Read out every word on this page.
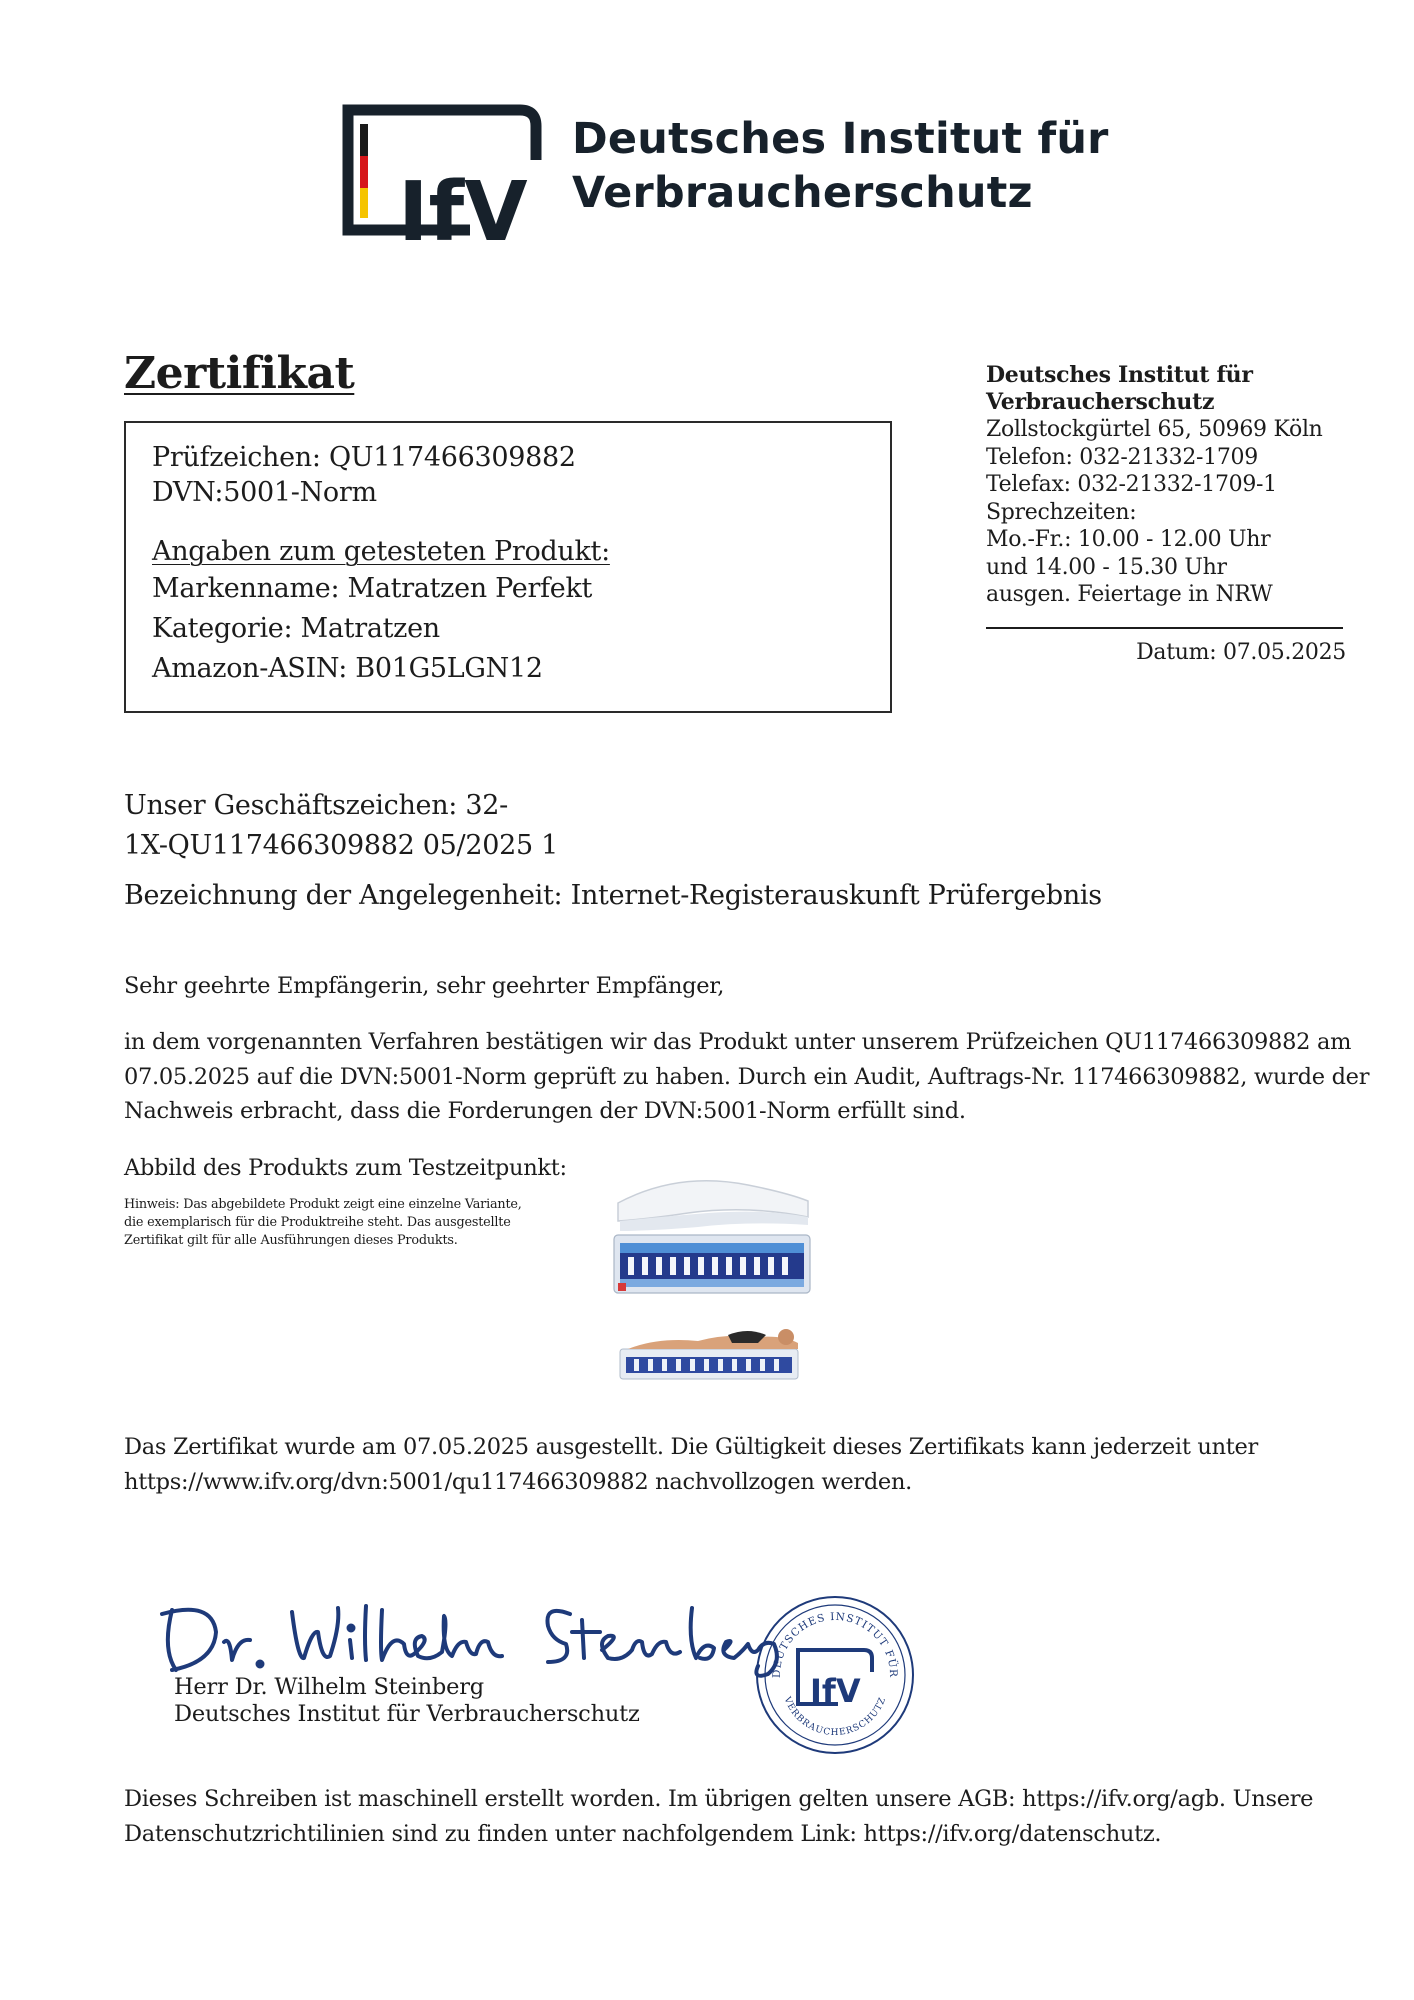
IfV
Deutsches Institut für
Verbraucherschutz
Zertifikat
Prüfzeichen: QU117466309882
DVN:5001-Norm
Angaben zum getesteten Produkt:
Markenname: Matratzen Perfekt
Kategorie: Matratzen
Amazon-ASIN: B01G5LGN12
Deutsches Institut für
Verbraucherschutz
Zollstockgürtel 65, 50969 Köln
Telefon: 032-21332-1709
Telefax: 032-21332-1709-1
Sprechzeiten:
Mo.-Fr.: 10.00 - 12.00 Uhr
und 14.00 - 15.30 Uhr
ausgen. Feiertage in NRW
Datum: 07.05.2025
Unser Geschäftszeichen: 32-
1X-QU117466309882 05/2025 1
Bezeichnung der Angelegenheit: Internet-Registerauskunft Prüfergebnis
Sehr geehrte Empfängerin, sehr geehrter Empfänger,
in dem vorgenannten Verfahren bestätigen wir das Produkt unter unserem Prüfzeichen QU117466309882 am
07.05.2025 auf die DVN:5001-Norm geprüft zu haben. Durch ein Audit, Auftrags-Nr. 117466309882, wurde der
Nachweis erbracht, dass die Forderungen der DVN:5001-Norm erfüllt sind.
Abbild des Produkts zum Testzeitpunkt:
Hinweis: Das abgebildete Produkt zeigt eine einzelne Variante,
die exemplarisch für die Produktreihe steht. Das ausgestellte
Zertifikat gilt für alle Ausführungen dieses Produkts.
Das Zertifikat wurde am 07.05.2025 ausgestellt. Die Gültigkeit dieses Zertifikats kann jederzeit unter
https://www.ifv.org/dvn:5001/qu117466309882 nachvollzogen werden.
Herr Dr. Wilhelm Steinberg
Deutsches Institut für Verbraucherschutz
DEUTSCHES INSTITUT FÜR
VERBRAUCHERSCHUTZ
IfV
Dieses Schreiben ist maschinell erstellt worden. Im übrigen gelten unsere AGB: https://ifv.org/agb. Unsere
Datenschutzrichtilinien sind zu finden unter nachfolgendem Link: https://ifv.org/datenschutz.
